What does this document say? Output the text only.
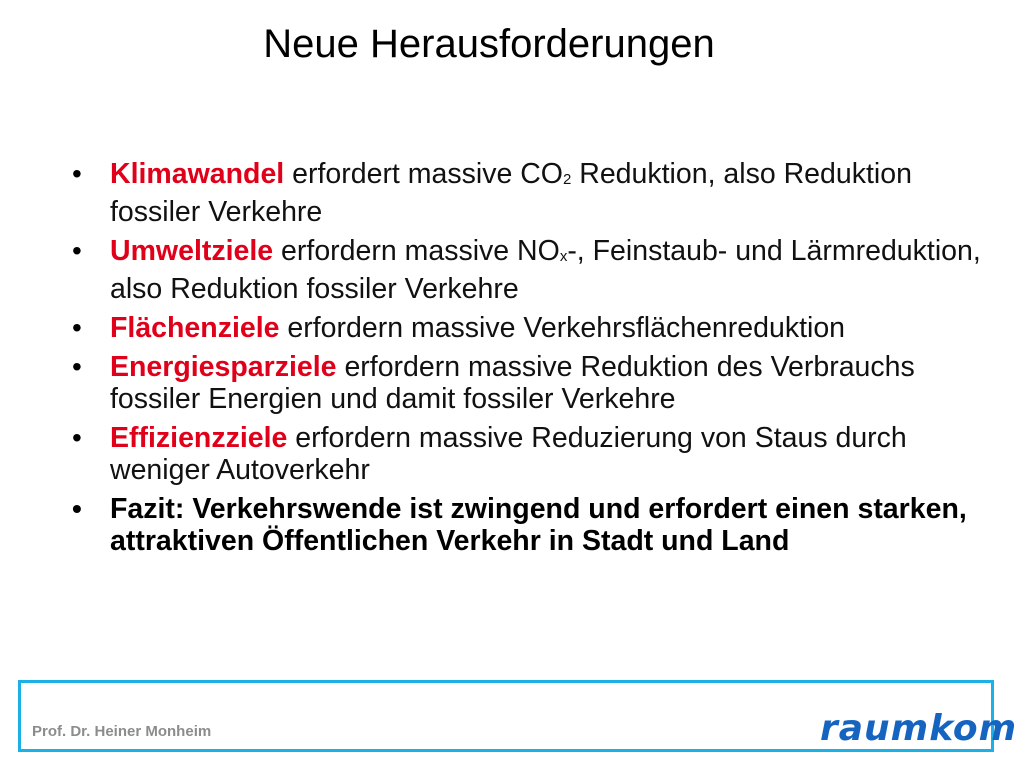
Neue Herausforderungen
• Klimawandel erfordert massive CO2 Reduktion, also Reduktion fossiler Verkehre
• Umweltziele erfordern massive NOx-, Feinstaub- und Lärmreduktion, also Reduktion fossiler Verkehre
• Flächenziele erfordern massive Verkehrsflächenreduktion
• Energiesparziele erfordern massive Reduktion des Verbrauchs fossiler Energien und damit fossiler Verkehre
• Effizienzziele erfordern massive Reduzierung von Staus durch weniger Autoverkehr
• Fazit: Verkehrswende ist zwingend und erfordert einen starken, attraktiven Öffentlichen Verkehr in Stadt und Land
Prof. Dr. Heiner Monheim	raumkom
